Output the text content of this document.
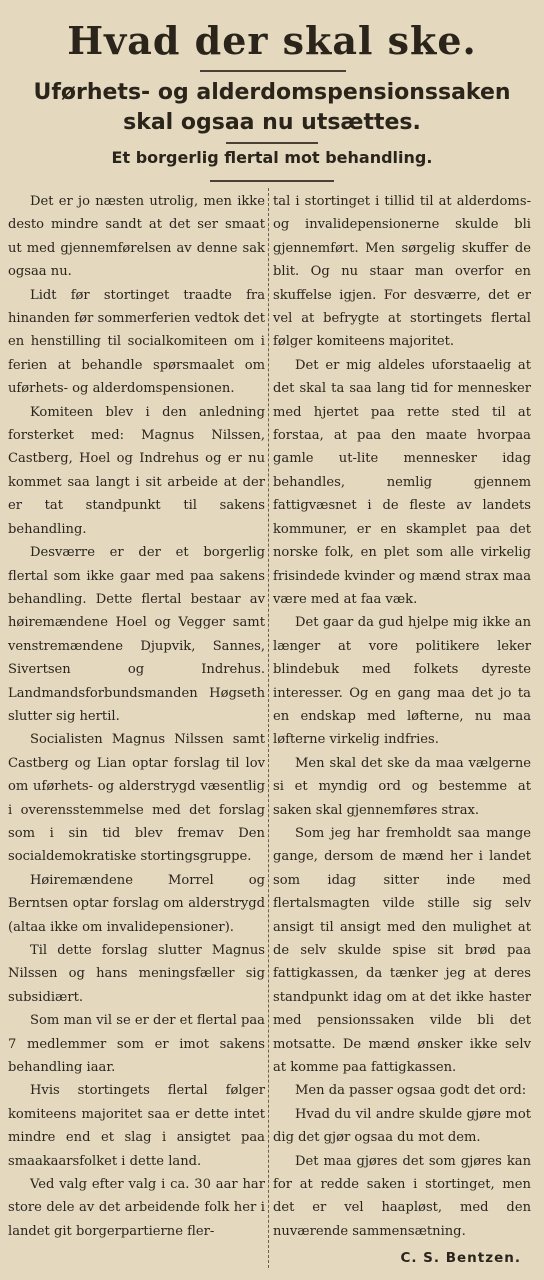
Hvad der skal ske.
Uførhets- og alderdomspensionssaken
skal ogsaa nu utsættes.
Et borgerlig flertal mot behandling.

Det er jo næsten utrolig, men ikke desto mindre sandt at det ser smaat ut med gjennemførelsen av denne sak ogsaa nu.

Lidt før stortinget traadte fra hinanden før sommerferien vedtok det en henstilling til socialkomiteen om i ferien at behandle spørsmaalet om uførhets- og alderdomspensionen.

Komiteen blev i den anledning forsterket med: Magnus Nilssen, Castberg, Hoel og Indrehus og er nu kommet saa langt i sit arbeide at der er tat standpunkt til sakens behandling.

Desværre er der et borgerlig flertal som ikke gaar med paa sakens behandling. Dette flertal bestaar av høiremændene Hoel og Vegger samt venstremændene Djupvik, Sannes, Sivertsen og Indrehus. Landmandsforbundsmanden Høgseth slutter sig hertil.

Socialisten Magnus Nilssen samt Castberg og Lian optar forslag til lov om uførhets- og alderstrygd væsentlig i overensstemmelse med det forslag som i sin tid blev fremav Den socialdemokratiske stortingsgruppe.

Høiremændene Morrel og Berntsen optar forslag om alderstrygd (altaa ikke om invalidepensioner).

Til dette forslag slutter Magnus Nilssen og hans meningsfæller sig subsidiært.

Som man vil se er der et flertal paa 7 medlemmer som er imot sakens behandling iaar.

Hvis stortingets flertal følger komiteens majoritet saa er dette intet mindre end et slag i ansigtet paa smaakaarsfolket i dette land.

Ved valg efter valg i ca. 30 aar har store dele av det arbeidende folk her i landet git borgerpartierne fler-

tal i stortinget i tillid til at alderdoms- og invalidepensionerne skulde bli gjennemført. Men sørgelig skuffer de blit. Og nu staar man overfor en skuffelse igjen. For desværre, det er vel at befrygte at stortingets flertal følger komiteens majoritet.

Det er mig aldeles uforstaaelig at det skal ta saa lang tid for mennesker med hjertet paa rette sted til at forstaa, at paa den maate hvorpaa gamle ut-lite mennesker idag behandles, nemlig gjennem fattigvæsnet i de fleste av landets kommuner, er en skamplet paa det norske folk, en plet som alle virkelig frisindede kvinder og mænd strax maa være med at faa væk.

Det gaar da gud hjelpe mig ikke an længer at vore politikere leker blindebuk med folkets dyreste interesser. Og en gang maa det jo ta en endskap med løfterne, nu maa løfterne virkelig indfries.

Men skal det ske da maa vælgerne si et myndig ord og bestemme at saken skal gjennemføres strax.

Som jeg har fremholdt saa mange gange, dersom de mænd her i landet som idag sitter inde med flertalsmagten vilde stille sig selv ansigt til ansigt med den mulighet at de selv skulde spise sit brød paa fattigkassen, da tænker jeg at deres standpunkt idag om at det ikke haster med pensionssaken vilde bli det motsatte. De mænd ønsker ikke selv at komme paa fattigkassen.

Men da passer ogsaa godt det ord:

Hvad du vil andre skulde gjøre mot dig det gjør ogsaa du mot dem.

Det maa gjøres det som gjøres kan for at redde saken i stortinget, men det er vel haapløst, med den nuværende sammensætning.

C. S. Bentzen.
